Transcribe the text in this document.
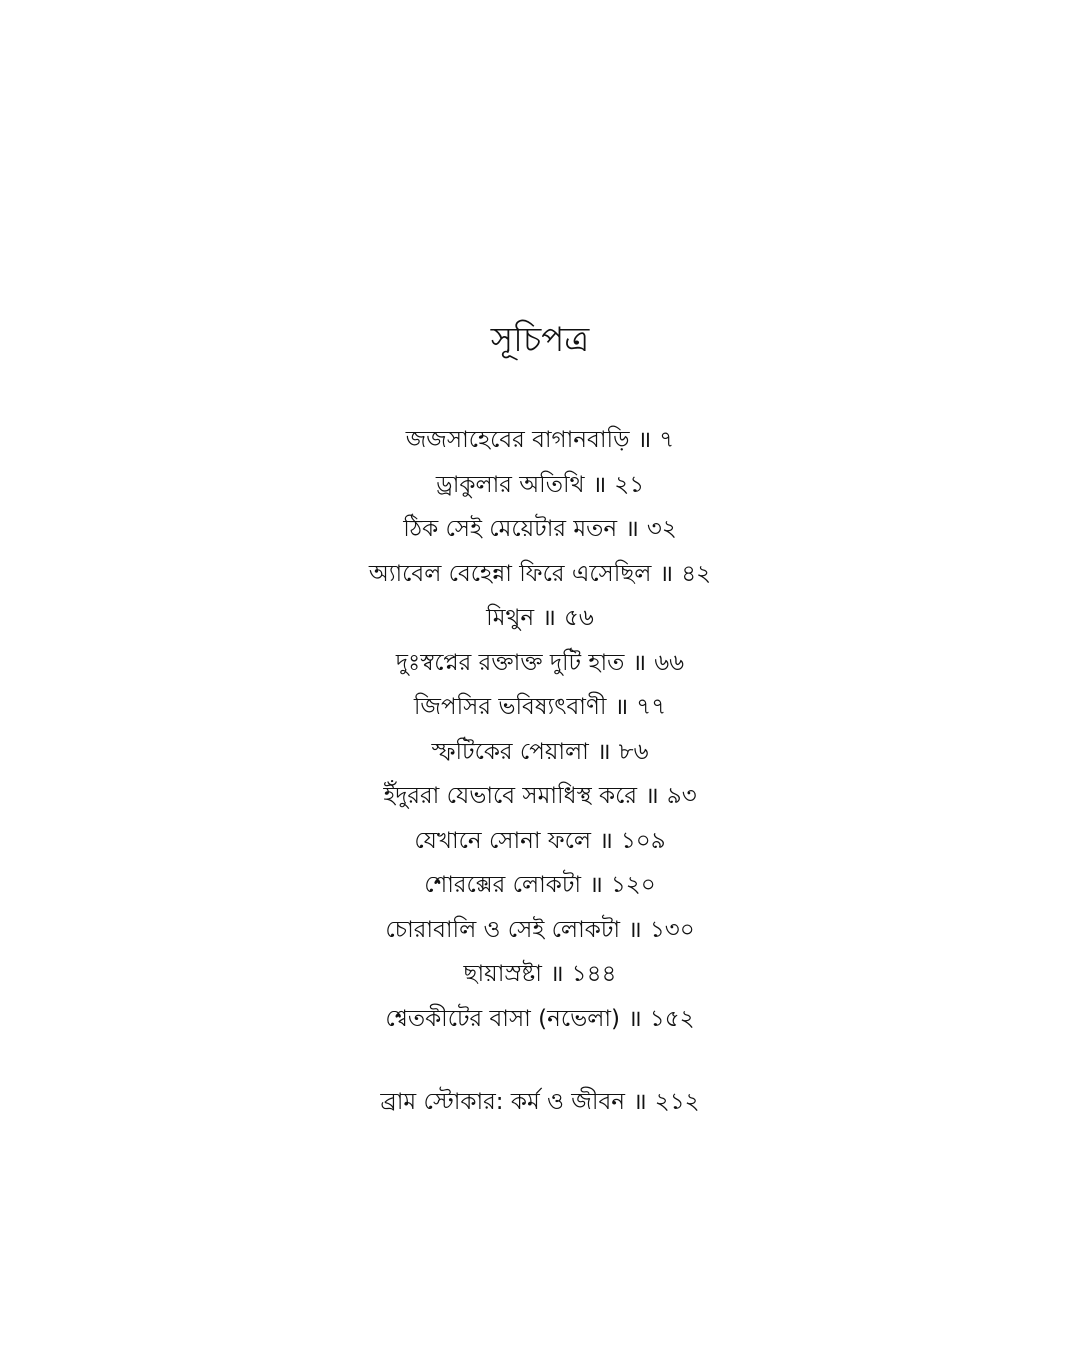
সূচিপত্র
জজসাহেবের বাগানবাড়ি ॥ ৭
ড্রাকুলার অতিথি ॥ ২১
ঠিক সেই মেয়েটার মতন ॥ ৩২
অ্যাবেল বেহেন্না ফিরে এসেছিল ॥ ৪২
মিথুন ॥ ৫৬
দুঃস্বপ্নের রক্তাক্ত দুটি হাত ॥ ৬৬
জিপসির ভবিষ্যৎবাণী ॥ ৭৭
স্ফটিকের পেয়ালা ॥ ৮৬
ইঁদুররা যেভাবে সমাধিস্থ করে ॥ ৯৩
যেখানে সোনা ফলে ॥ ১০৯
শোরক্সের লোকটা ॥ ১২০
চোরাবালি ও সেই লোকটা ॥ ১৩০
ছায়াস্রষ্টা ॥ ১৪৪
শ্বেতকীটের বাসা (নভেলা) ॥ ১৫২
ব্রাম স্টোকার: কর্ম ও জীবন ॥ ২১২
